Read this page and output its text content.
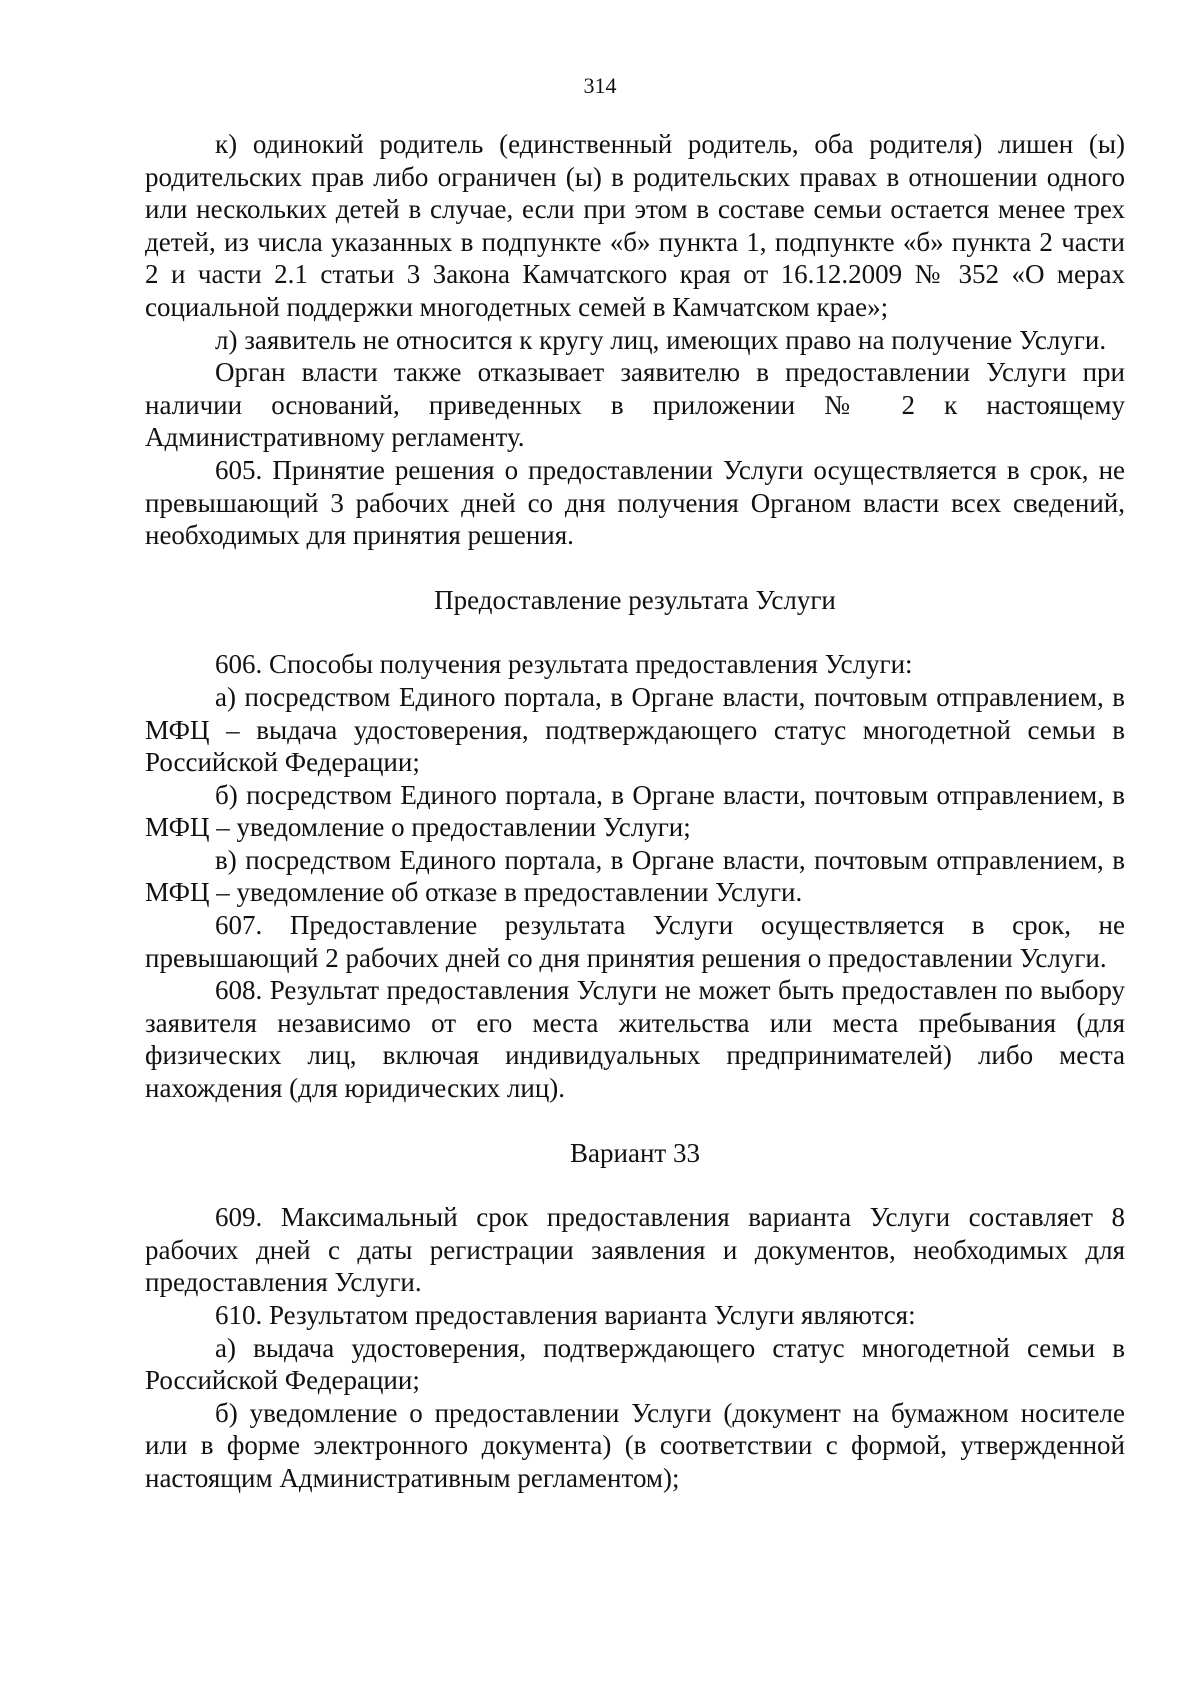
314

к) одинокий родитель (единственный родитель, оба родителя) лишен (ы) родительских прав либо ограничен (ы) в родительских правах в отношении одного или нескольких детей в случае, если при этом в составе семьи остается менее трех детей, из числа указанных в подпункте «б» пункта 1, подпункте «б» пункта 2 части 2 и части 2.1 статьи 3 Закона Камчатского края от 16.12.2009 № 352 «О мерах социальной поддержки многодетных семей в Камчатском крае»;

л) заявитель не относится к кругу лиц, имеющих право на получение Услуги.

Орган власти также отказывает заявителю в предоставлении Услуги при наличии оснований, приведенных в приложении № 2 к настоящему Административному регламенту.

605. Принятие решения о предоставлении Услуги осуществляется в срок, не превышающий 3 рабочих дней со дня получения Органом власти всех сведений, необходимых для принятия решения.

Предоставление результата Услуги

606. Способы получения результата предоставления Услуги:

а) посредством Единого портала, в Органе власти, почтовым отправлением, в МФЦ – выдача удостоверения, подтверждающего статус многодетной семьи в Российской Федерации;

б) посредством Единого портала, в Органе власти, почтовым отправлением, в МФЦ – уведомление о предоставлении Услуги;

в) посредством Единого портала, в Органе власти, почтовым отправлением, в МФЦ – уведомление об отказе в предоставлении Услуги.

607. Предоставление результата Услуги осуществляется в срок, не превышающий 2 рабочих дней со дня принятия решения о предоставлении Услуги.

608. Результат предоставления Услуги не может быть предоставлен по выбору заявителя независимо от его места жительства или места пребывания (для физических лиц, включая индивидуальных предпринимателей) либо места нахождения (для юридических лиц).

Вариант 33

609. Максимальный срок предоставления варианта Услуги составляет 8 рабочих дней с даты регистрации заявления и документов, необходимых для предоставления Услуги.

610. Результатом предоставления варианта Услуги являются:

а) выдача удостоверения, подтверждающего статус многодетной семьи в Российской Федерации;

б) уведомление о предоставлении Услуги (документ на бумажном носителе или в форме электронного документа) (в соответствии с формой, утвержденной настоящим Административным регламентом);
